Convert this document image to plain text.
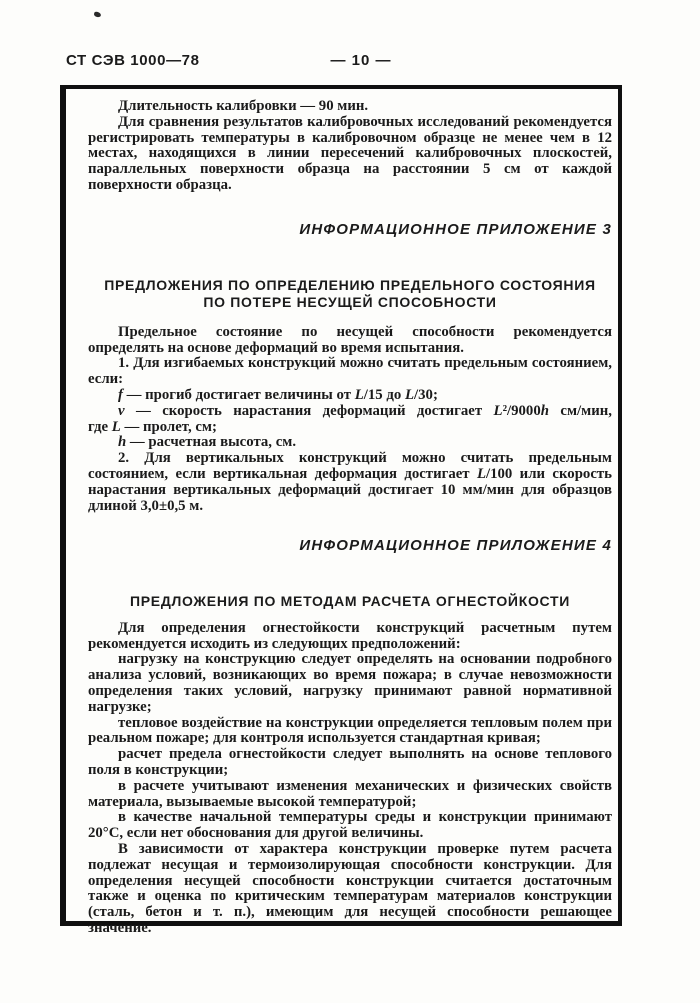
СТ СЭВ 1000—78	— 10 —

Длительность калибровки — 90 мин.

Для сравнения результатов калибровочных исследований рекомендуется регистрировать температуры в калибровочном образце не менее чем в 12 местах, находящихся в линии пересечений калибровочных плоскостей, параллельных поверхности образца на расстоянии 5 см от каждой поверхности образца.

ИНФОРМАЦИОННОЕ ПРИЛОЖЕНИЕ 3
ПРЕДЛОЖЕНИЯ ПО ОПРЕДЕЛЕНИЮ ПРЕДЕЛЬНОГО СОСТОЯНИЯ
ПО ПОТЕРЕ НЕСУЩЕЙ СПОСОБНОСТИ

Предельное состояние по несущей способности рекомендуется определять на основе деформаций во время испытания.

1. Для изгибаемых конструкций можно считать предельным состоянием, если:

f — прогиб достигает величины от L/15 до L/30;

v — скорость нарастания деформаций достигает L²/9000h см/мин,

где L — пролет, см;

h — расчетная высота, см.

2. Для вертикальных конструкций можно считать предельным состоянием, если вертикальная деформация достигает L/100 или скорость нарастания вертикальных деформаций достигает 10 мм/мин для образцов длиной 3,0±0,5 м.

ИНФОРМАЦИОННОЕ ПРИЛОЖЕНИЕ 4
ПРЕДЛОЖЕНИЯ ПО МЕТОДАМ РАСЧЕТА ОГНЕСТОЙКОСТИ

Для определения огнестойкости конструкций расчетным путем рекомендуется исходить из следующих предположений:

нагрузку на конструкцию следует определять на основании подробного анализа условий, возникающих во время пожара; в случае невозможности определения таких условий, нагрузку принимают равной нормативной нагрузке;

тепловое воздействие на конструкции определяется тепловым полем при реальном пожаре; для контроля используется стандартная кривая;

расчет предела огнестойкости следует выполнять на основе теплового поля в конструкции;

в расчете учитывают изменения механических и физических свойств материала, вызываемые высокой температурой;

в качестве начальной температуры среды и конструкции принимают 20°С, если нет обоснования для другой величины.

В зависимости от характера конструкции проверке путем расчета подлежат несущая и термоизолирующая способности конструкции. Для определения несущей способности конструкции считается достаточным также и оценка по критическим температурам материалов конструкции (сталь, бетон и т. п.), имеющим для несущей способности решающее значение.
